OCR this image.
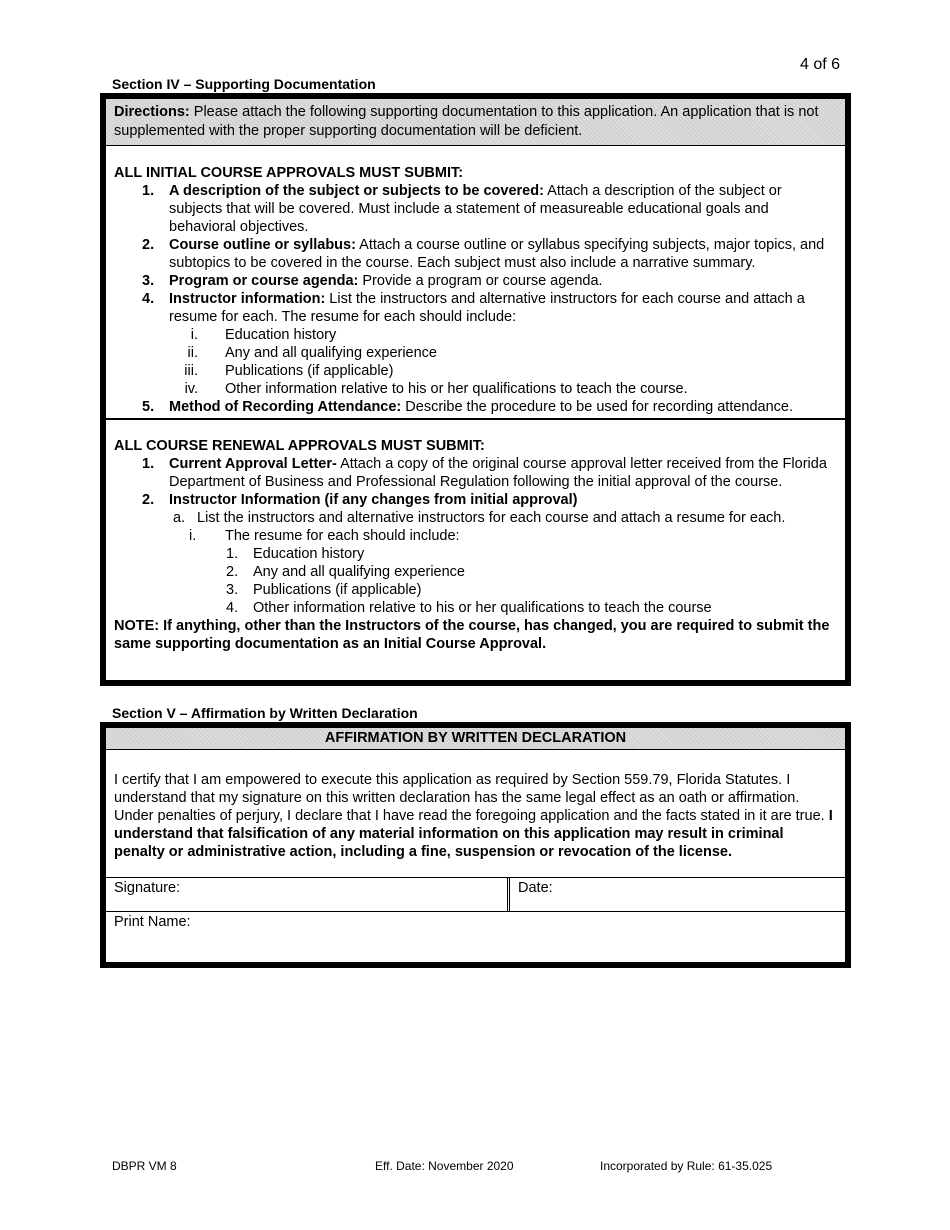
4 of 6
Section IV – Supporting Documentation
Directions: Please attach the following supporting documentation to this application. An application that is not supplemented with the proper supporting documentation will be deficient.
ALL INITIAL COURSE APPROVALS MUST SUBMIT:
1. A description of the subject or subjects to be covered: Attach a description of the subject or subjects that will be covered. Must include a statement of measureable educational goals and behavioral objectives.
2. Course outline or syllabus: Attach a course outline or syllabus specifying subjects, major topics, and subtopics to be covered in the course. Each subject must also include a narrative summary.
3. Program or course agenda: Provide a program or course agenda.
4. Instructor information: List the instructors and alternative instructors for each course and attach a resume for each. The resume for each should include:
i. Education history
ii. Any and all qualifying experience
iii. Publications (if applicable)
iv. Other information relative to his or her qualifications to teach the course.
5. Method of Recording Attendance: Describe the procedure to be used for recording attendance.
ALL COURSE RENEWAL APPROVALS MUST SUBMIT:
1. Current Approval Letter- Attach a copy of the original course approval letter received from the Florida Department of Business and Professional Regulation following the initial approval of the course.
2. Instructor Information (if any changes from initial approval)
a. List the instructors and alternative instructors for each course and attach a resume for each.
i. The resume for each should include:
1. Education history
2. Any and all qualifying experience
3. Publications (if applicable)
4. Other information relative to his or her qualifications to teach the course
NOTE: If anything, other than the Instructors of the course, has changed, you are required to submit the same supporting documentation as an Initial Course Approval.
Section V – Affirmation by Written Declaration
AFFIRMATION BY WRITTEN DECLARATION
I certify that I am empowered to execute this application as required by Section 559.79, Florida Statutes. I understand that my signature on this written declaration has the same legal effect as an oath or affirmation. Under penalties of perjury, I declare that I have read the foregoing application and the facts stated in it are true. I understand that falsification of any material information on this application may result in criminal penalty or administrative action, including a fine, suspension or revocation of the license.
Signature:	Date:
Print Name:
DBPR VM 8	Eff. Date: November 2020	Incorporated by Rule: 61-35.025
